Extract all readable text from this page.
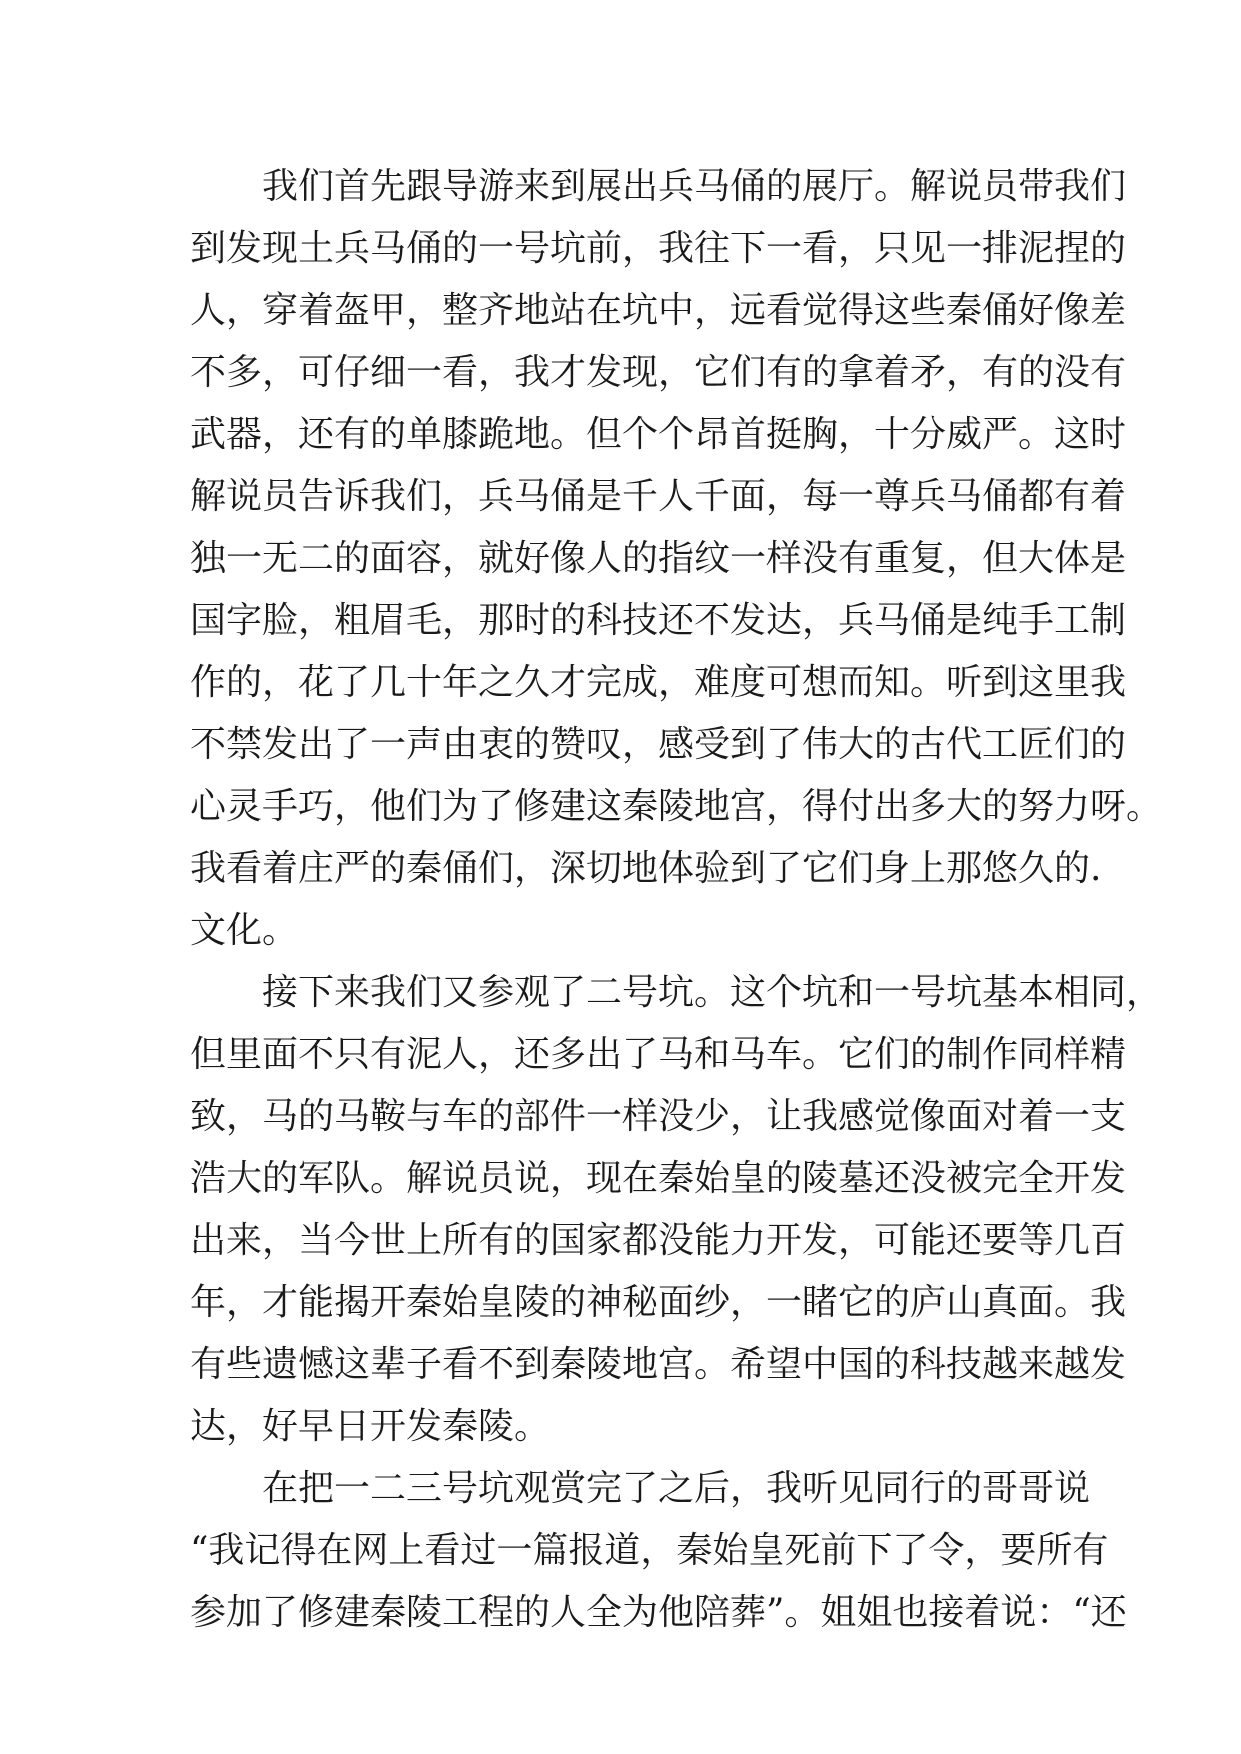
我们首先跟导游来到展出兵马俑的展厅。解说员带我们
到发现土兵马俑的一号坑前，我往下一看，只见一排泥捏的
人，穿着盔甲，整齐地站在坑中，远看觉得这些秦俑好像差
不多，可仔细一看，我才发现，它们有的拿着矛，有的没有
武器，还有的单膝跪地。但个个昂首挺胸，十分威严。这时
解说员告诉我们，兵马俑是千人千面，每一尊兵马俑都有着
独一无二的面容，就好像人的指纹一样没有重复，但大体是
国字脸，粗眉毛，那时的科技还不发达，兵马俑是纯手工制
作的，花了几十年之久才完成，难度可想而知。听到这里我
不禁发出了一声由衷的赞叹，感受到了伟大的古代工匠们的
心灵手巧，他们为了修建这秦陵地宫，得付出多大的努力呀。
我看着庄严的秦俑们，深切地体验到了它们身上那悠久的.
文化。
接下来我们又参观了二号坑。这个坑和一号坑基本相同，
但里面不只有泥人，还多出了马和马车。它们的制作同样精
致，马的马鞍与车的部件一样没少，让我感觉像面对着一支
浩大的军队。解说员说，现在秦始皇的陵墓还没被完全开发
出来，当今世上所有的国家都没能力开发，可能还要等几百
年，才能揭开秦始皇陵的神秘面纱，一睹它的庐山真面。我
有些遗憾这辈子看不到秦陵地宫。希望中国的科技越来越发
达，好早日开发秦陵。
在把一二三号坑观赏完了之后，我听见同行的哥哥说
“我记得在网上看过一篇报道，秦始皇死前下了令，要所有
参加了修建秦陵工程的人全为他陪葬”。姐姐也接着说：“还
